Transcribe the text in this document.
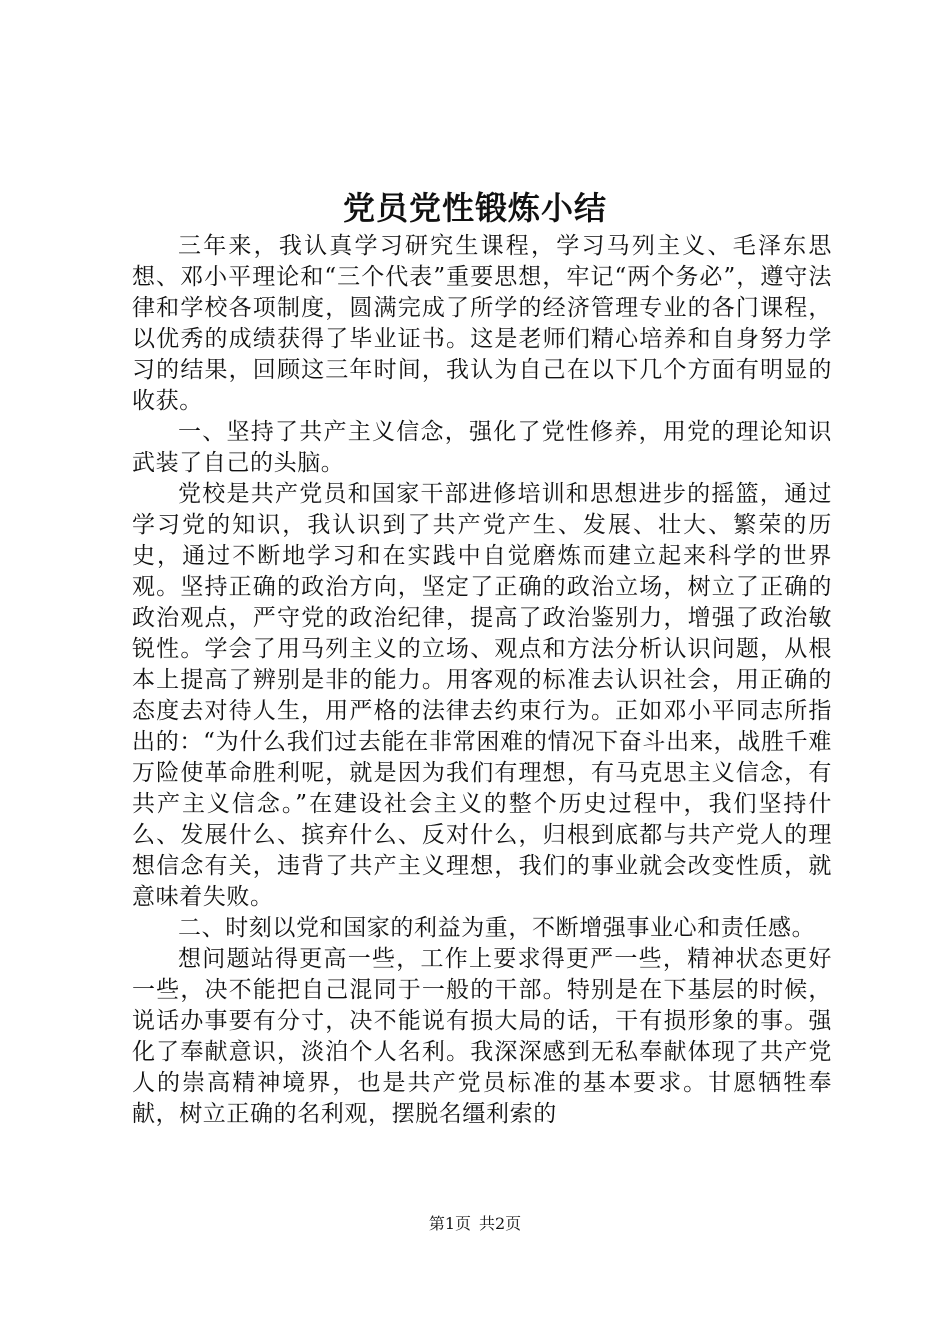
党员党性锻炼小结

三年来，我认真学习研究生课程，学习马列主义、毛泽东思想、邓小平理论和“三个代表”重要思想，牢记“两个务必”，遵守法律和学校各项制度，圆满完成了所学的经济管理专业的各门课程，以优秀的成绩获得了毕业证书。这是老师们精心培养和自身努力学习的结果，回顾这三年时间，我认为自己在以下几个方面有明显的收获。

一、坚持了共产主义信念，强化了党性修养，用党的理论知识武装了自己的头脑。

党校是共产党员和国家干部进修培训和思想进步的摇篮，通过学习党的知识，我认识到了共产党产生、发展、壮大、繁荣的历史，通过不断地学习和在实践中自觉磨炼而建立起来科学的世界观。坚持正确的政治方向，坚定了正确的政治立场，树立了正确的政治观点，严守党的政治纪律，提高了政治鉴别力，增强了政治敏锐性。学会了用马列主义的立场、观点和方法分析认识问题，从根本上提高了辨别是非的能力。用客观的标准去认识社会，用正确的态度去对待人生，用严格的法律去约束行为。正如邓小平同志所指出的：“为什么我们过去能在非常困难的情况下奋斗出来，战胜千难万险使革命胜利呢，就是因为我们有理想，有马克思主义信念，有共产主义信念。”在建设社会主义的整个历史过程中，我们坚持什么、发展什么、摈弃什么、反对什么，归根到底都与共产党人的理想信念有关，违背了共产主义理想，我们的事业就会改变性质，就意味着失败。

二、时刻以党和国家的利益为重，不断增强事业心和责任感。

想问题站得更高一些，工作上要求得更严一些，精神状态更好一些，决不能把自己混同于一般的干部。特别是在下基层的时候，说话办事要有分寸，决不能说有损大局的话，干有损形象的事。强化了奉献意识，淡泊个人名利。我深深感到无私奉献体现了共产党人的崇高精神境界，也是共产党员标准的基本要求。甘愿牺牲奉献，树立正确的名利观，摆脱名缰利索的

第1页 共2页
